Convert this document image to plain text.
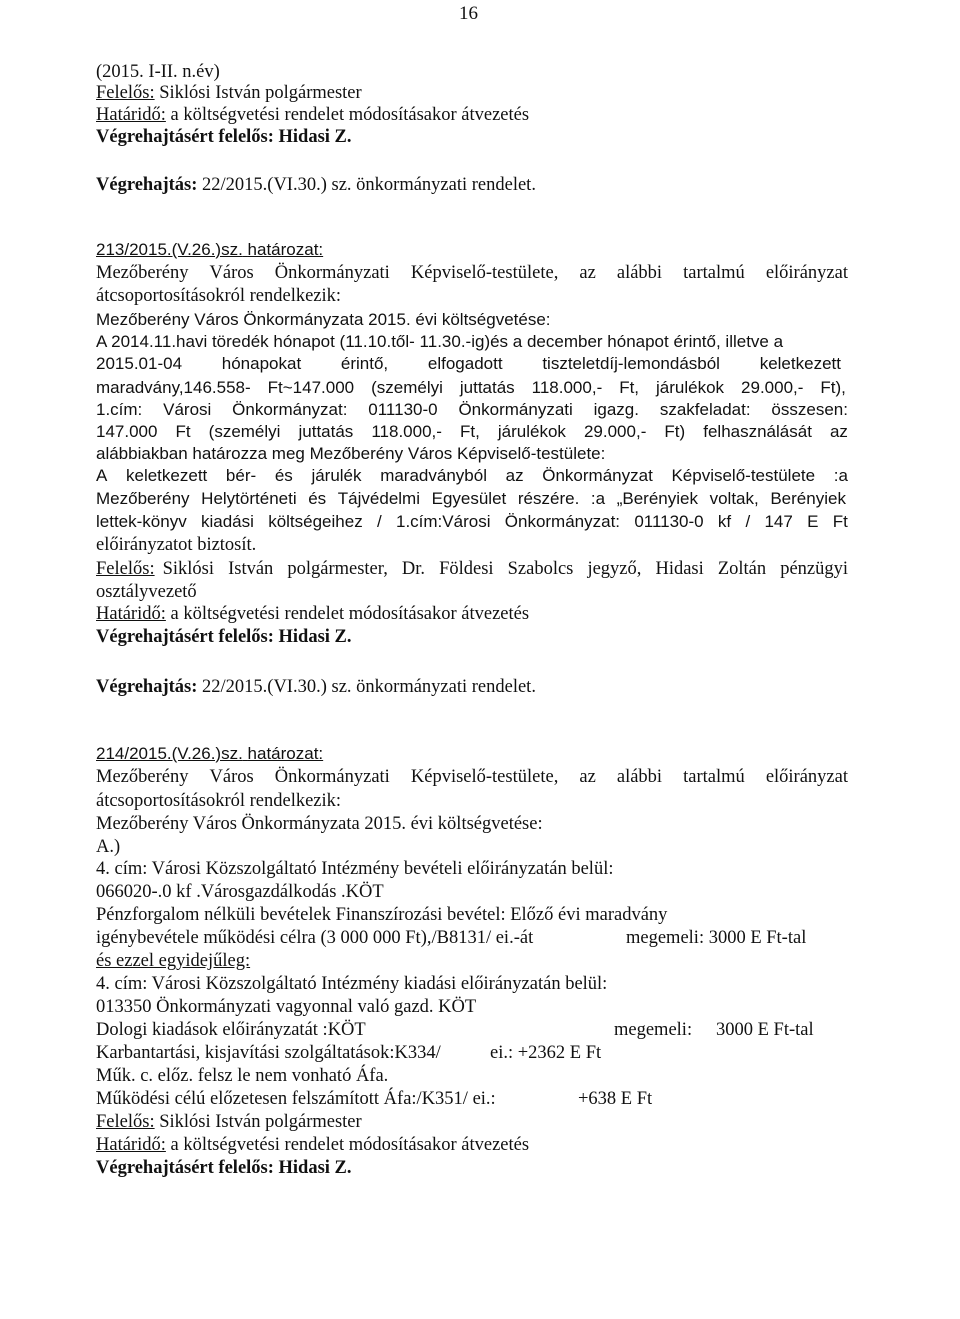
16
(2015. I-II. n.év)
Felelős: Siklósi István polgármester
Határidő: a költségvetési rendelet módosításakor átvezetés
Végrehajtásért felelős: Hidasi Z.
Végrehajtás: 22/2015.(VI.30.) sz. önkormányzati rendelet.
213/2015.(V.26.)sz. határozat:
Mezőberény Város Önkormányzati Képviselő-testülete, az alábbi tartalmú előirányzat
átcsoportosításokról rendelkezik:
Mezőberény Város Önkormányzata 2015. évi költségvetése:
A 2014.11.havi töredék hónapot (11.10.től- 11.30.-ig)és a december hónapot érintő, illetve a
2015.01-04 hónapokat érintő, elfogadott tiszteletdíj-lemondásból keletkezett
maradvány,146.558- Ft~147.000 (személyi juttatás 118.000,- Ft, járulékok 29.000,- Ft),
1.cím: Városi Önkormányzat: 011130-0 Önkormányzati igazg. szakfeladat: összesen:
147.000 Ft (személyi juttatás 118.000,- Ft, járulékok 29.000,- Ft) felhasználását az
alábbiakban határozza meg Mezőberény Város Képviselő-testülete:
A keletkezett bér- és járulék maradványból az Önkormányzat Képviselő-testülete :a
Mezőberény Helytörténeti és Tájvédelmi Egyesület részére. :a „Berényiek voltak, Berényiek
lettek-könyv kiadási költségeihez / 1.cím:Városi Önkormányzat: 011130-0 kf / 147 E Ft
előirányzatot biztosít.
Felelős: Siklósi István polgármester, Dr. Földesi Szabolcs jegyző, Hidasi Zoltán pénzügyi
osztályvezető
Határidő: a költségvetési rendelet módosításakor átvezetés
Végrehajtásért felelős: Hidasi Z.
Végrehajtás: 22/2015.(VI.30.) sz. önkormányzati rendelet.
214/2015.(V.26.)sz. határozat:
Mezőberény Város Önkormányzati Képviselő-testülete, az alábbi tartalmú előirányzat
átcsoportosításokról rendelkezik:
Mezőberény Város Önkormányzata 2015. évi költségvetése:
A.)
4. cím: Városi Közszolgáltató Intézmény bevételi előirányzatán belül:
066020-.0 kf .Városgazdálkodás .KÖT
Pénzforgalom nélküli bevételek Finanszírozási bevétel: Előző évi maradvány
igénybevétele működési célra (3 000 000 Ft),/B8131/ ei.-át	megemeli: 3000 E Ft-tal
és ezzel egyidejűleg:
4. cím: Városi Közszolgáltató Intézmény kiadási előirányzatán belül:
013350 Önkormányzati vagyonnal való gazd. KÖT
Dologi kiadások előirányzatát :KÖT	megemeli: 3000 E Ft-tal
Karbantartási, kisjavítási szolgáltatások:K334/	ei.: +2362 E Ft
Műk. c. előz. felsz le nem vonható Áfa.
Működési célú előzetesen felszámított Áfa:/K351/ ei.:	+638 E Ft
Felelős: Siklósi István polgármester
Határidő: a költségvetési rendelet módosításakor átvezetés
Végrehajtásért felelős: Hidasi Z.
